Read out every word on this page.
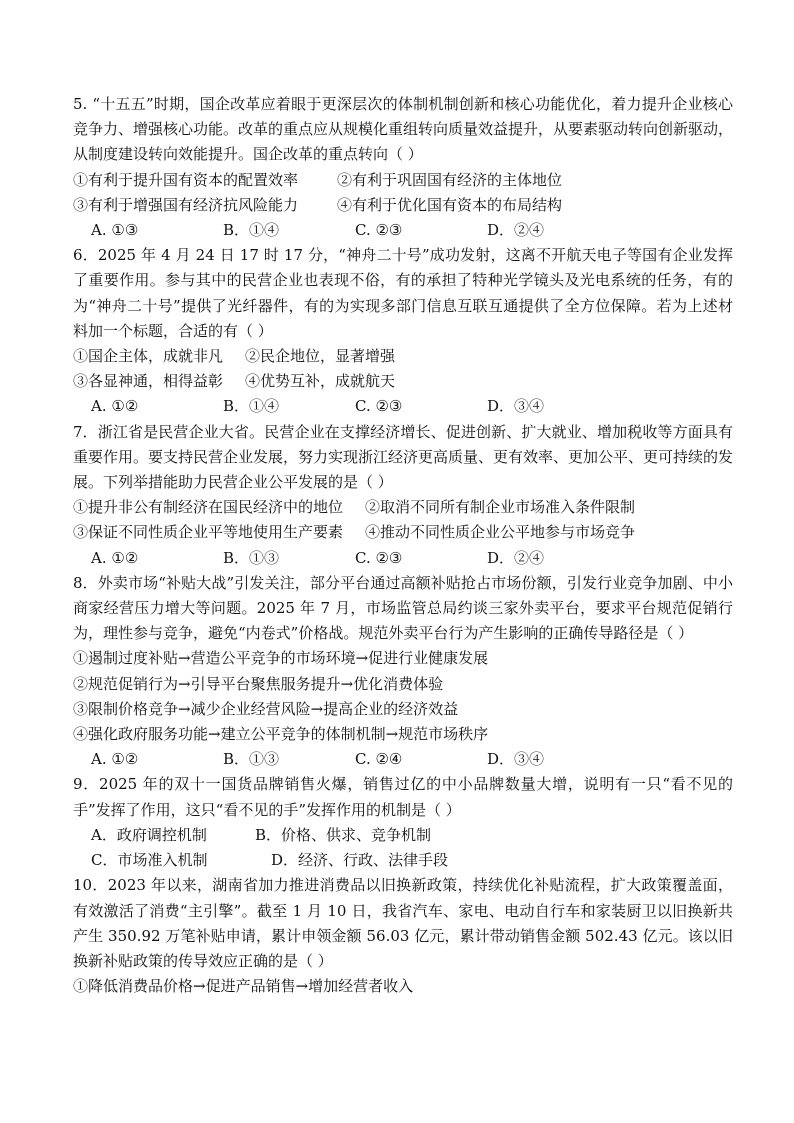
5. “十五五”时期，国企改革应着眼于更深层次的体制机制创新和核心功能优化，着力提升企业核心竞争力、增强核心功能。改革的重点应从规模化重组转向质量效益提升，从要素驱动转向创新驱动，从制度建设转向效能提升。国企改革的重点转向（ ）

①有利于提升国有资本的配置效率	②有利于巩固国有经济的主体地位
③有利于增强国有经济抗风险能力	④有利于优化国有资本的布局结构
A. ①③	B．①④	C. ②③	D．②④

6．2025 年 4 月 24 日 17 时 17 分，“神舟二十号”成功发射，这离不开航天电子等国有企业发挥了重要作用。参与其中的民营企业也表现不俗，有的承担了特种光学镜头及光电系统的任务，有的为“神舟二十号”提供了光纤器件，有的为实现多部门信息互联互通提供了全方位保障。若为上述材料加一个标题，合适的有（ ）

①国企主体，成就非凡	②民企地位，显著增强
③各显神通，相得益彰	④优势互补，成就航天
A. ①②	B．①④	C. ②③	D．③④

7．浙江省是民营企业大省。民营企业在支撑经济增长、促进创新、扩大就业、增加税收等方面具有重要作用。要支持民营企业发展，努力实现浙江经济更高质量、更有效率、更加公平、更可持续的发展。下列举措能助力民营企业公平发展的是（ ）

①提升非公有制经济在国民经济中的地位	②取消不同所有制企业市场准入条件限制
③保证不同性质企业平等地使用生产要素	④推动不同性质企业公平地参与市场竞争
A. ①②	B．①③	C. ②③	D．②④

8．外卖市场“补贴大战”引发关注，部分平台通过高额补贴抢占市场份额，引发行业竞争加剧、中小商家经营压力增大等问题。2025 年 7 月，市场监管总局约谈三家外卖平台，要求平台规范促销行为，理性参与竞争，避免“内卷式”价格战。规范外卖平台行为产生影响的正确传导路径是（ ）

①遏制过度补贴→营造公平竞争的市场环境→促进行业健康发展
②规范促销行为→引导平台聚焦服务提升→优化消费体验
③限制价格竞争→减少企业经营风险→提高企业的经济效益
④强化政府服务功能→建立公平竞争的体制机制→规范市场秩序
A. ①②	B．①③	C. ②④	D．③④

9．2025 年的双十一国货品牌销售火爆，销售过亿的中小品牌数量大增，说明有一只“看不见的手”发挥了作用，这只“看不见的手”发挥作用的机制是（ ）

A．政府调控机制	B．价格、供求、竞争机制
C．市场准入机制	D．经济、行政、法律手段

10．2023 年以来，湖南省加力推进消费品以旧换新政策，持续优化补贴流程，扩大政策覆盖面，有效激活了消费“主引擎”。截至 1 月 10 日，我省汽车、家电、电动自行车和家装厨卫以旧换新共产生 350.92 万笔补贴申请，累计申领金额 56.03 亿元，累计带动销售金额 502.43 亿元。该以旧换新补贴政策的传导效应正确的是（ ）

①降低消费品价格→促进产品销售→增加经营者收入
